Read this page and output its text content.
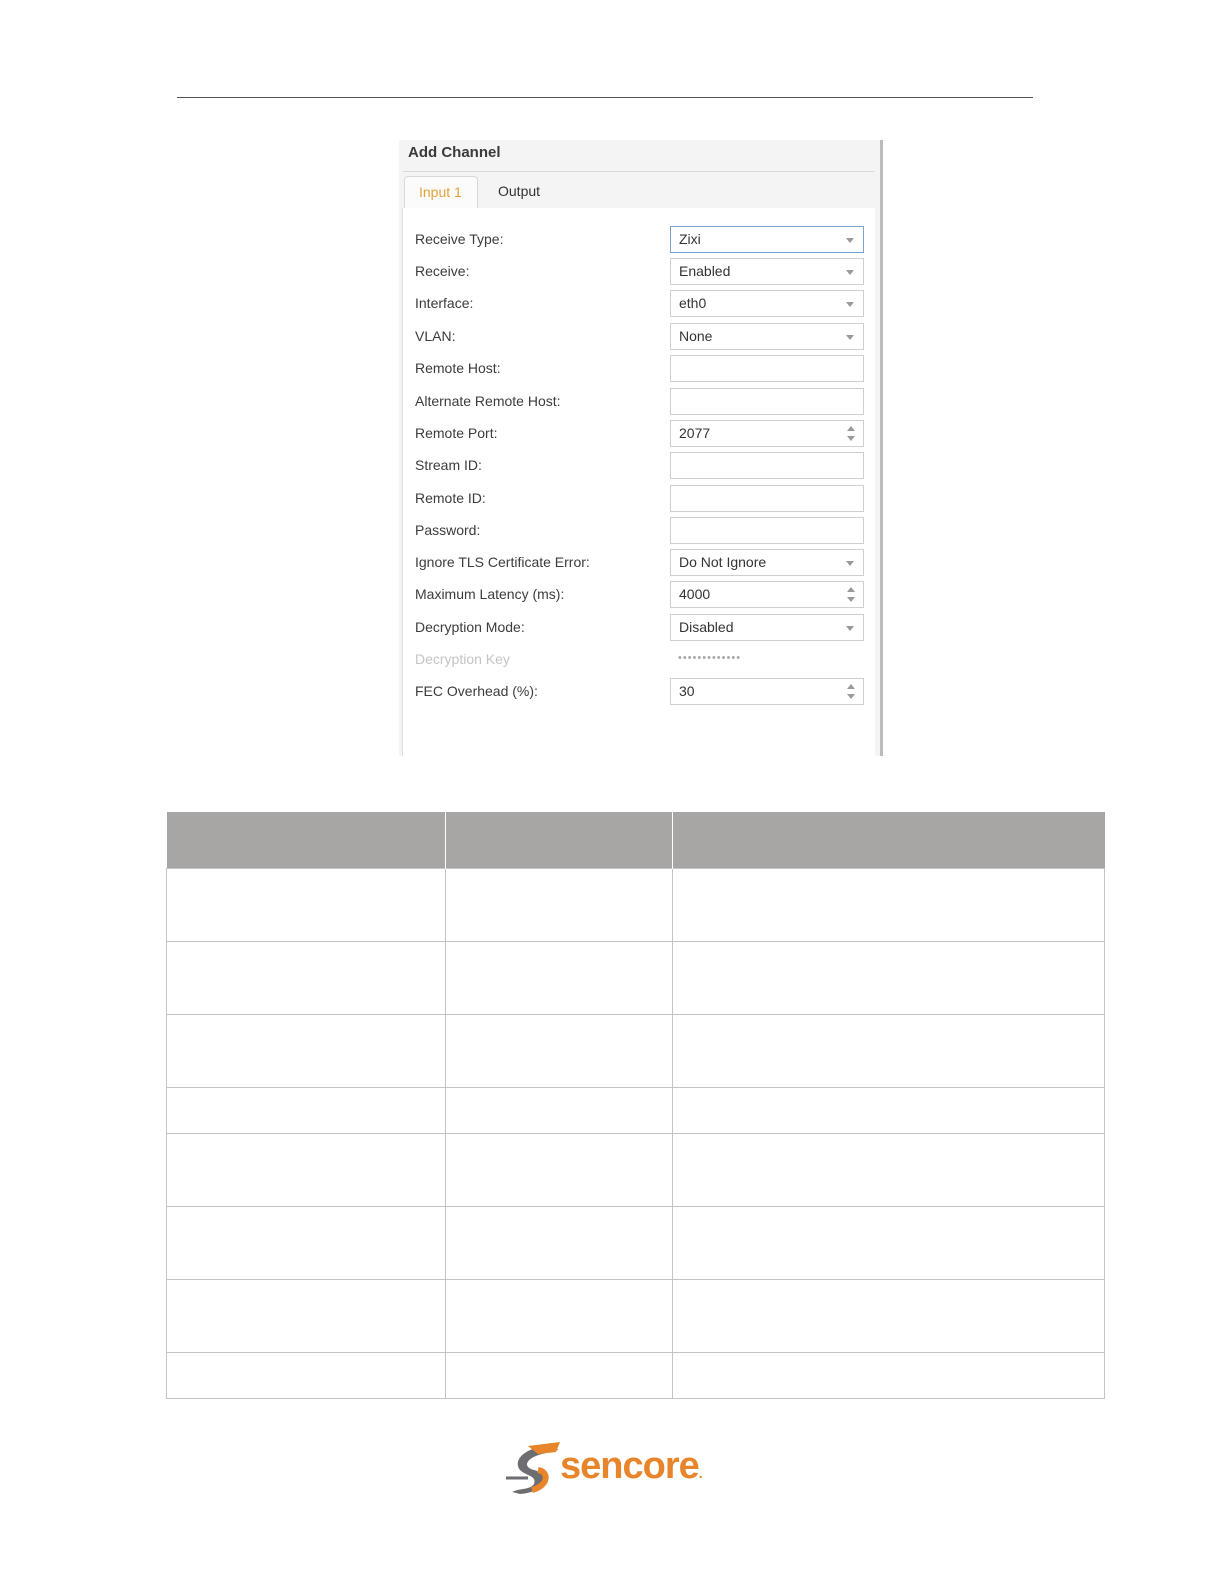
Add Channel
Input 1	Output
Receive Type:	Zixi
Receive:	Enabled
Interface:	eth0
VLAN:	None
Remote Host:
Alternate Remote Host:
Remote Port:	2077
Stream ID:
Remote ID:
Password:
Ignore TLS Certificate Error:	Do Not Ignore
Maximum Latency (ms):	4000
Decryption Mode:	Disabled
Decryption Key	•••••••••••••
FEC Overhead (%):	30

sencore.
